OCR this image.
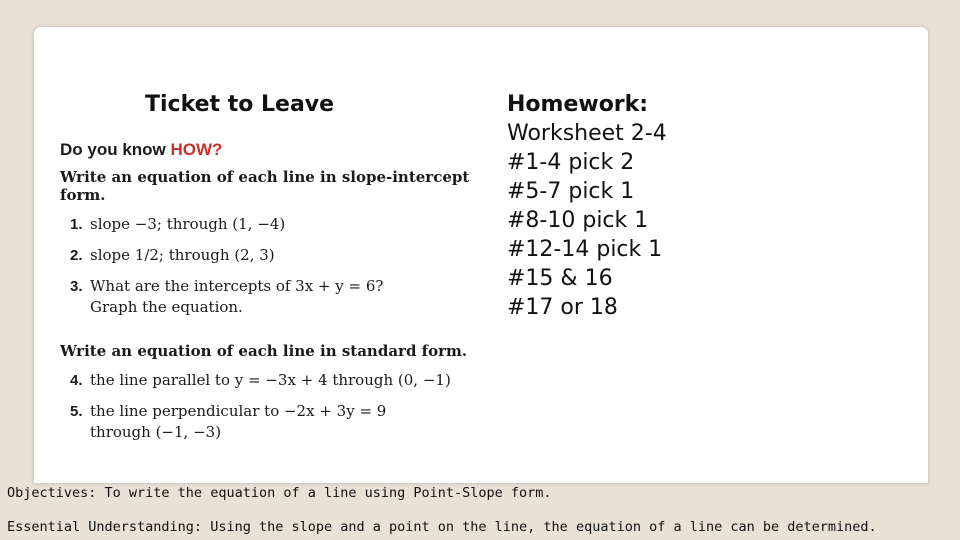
Ticket to Leave
Do you know HOW?
Write an equation of each line in slope-intercept form.
1. slope −3; through (1, −4)
2. slope 1/2; through (2, 3)
3. What are the intercepts of 3x + y = 6?
Graph the equation.
Write an equation of each line in standard form.
4. the line parallel to y = −3x + 4 through (0, −1)
5. the line perpendicular to −2x + 3y = 9
through (−1, −3)
Homework:
Worksheet 2-4
#1-4 pick 2
#5-7 pick 1
#8-10 pick 1
#12-14 pick 1
#15 & 16
#17 or 18
Objectives: To write the equation of a line using Point-Slope form.
Essential Understanding: Using the slope and a point on the line, the equation of a line can be determined.
